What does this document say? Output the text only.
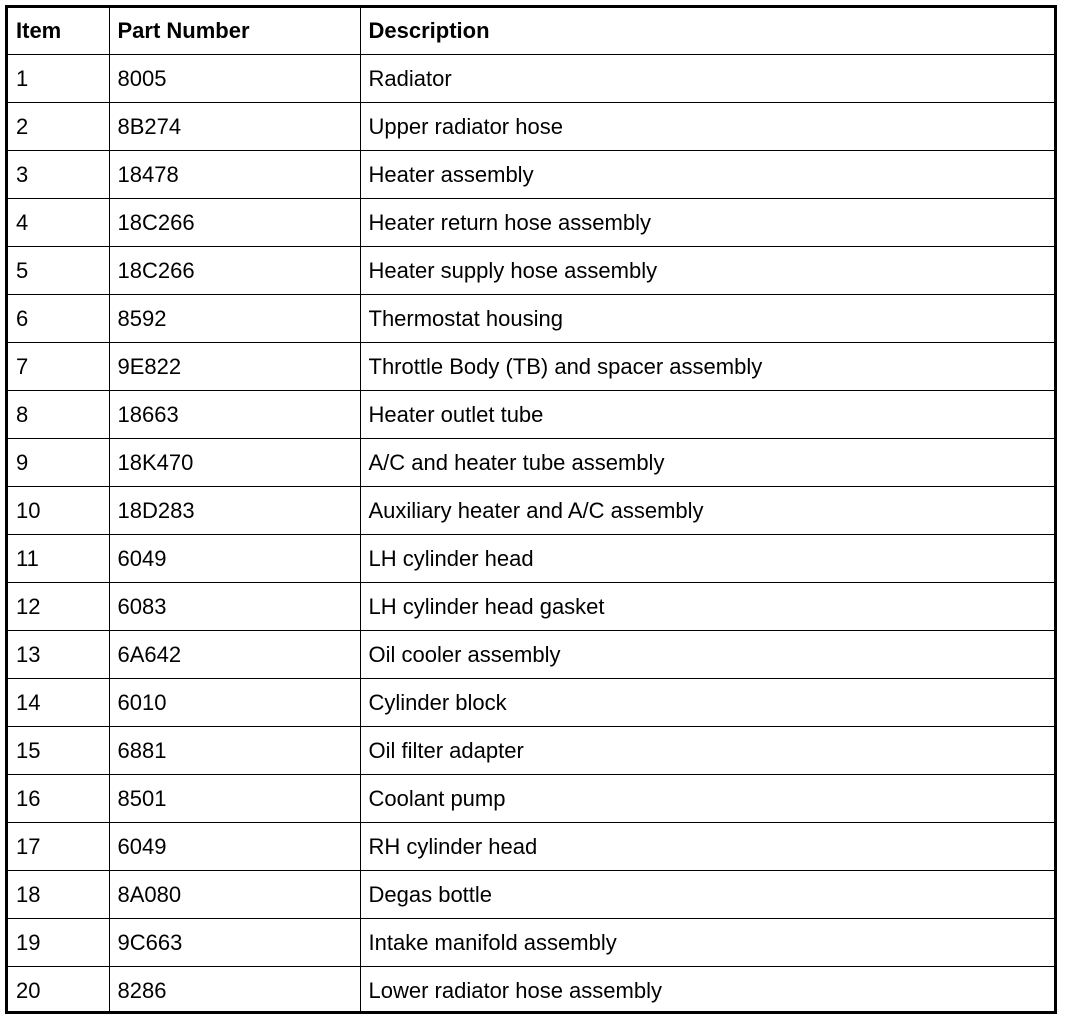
Item	Part Number	Description
1	8005	Radiator
2	8B274	Upper radiator hose
3	18478	Heater assembly
4	18C266	Heater return hose assembly
5	18C266	Heater supply hose assembly
6	8592	Thermostat housing
7	9E822	Throttle Body (TB) and spacer assembly
8	18663	Heater outlet tube
9	18K470	A/C and heater tube assembly
10	18D283	Auxiliary heater and A/C assembly
11	6049	LH cylinder head
12	6083	LH cylinder head gasket
13	6A642	Oil cooler assembly
14	6010	Cylinder block
15	6881	Oil filter adapter
16	8501	Coolant pump
17	6049	RH cylinder head
18	8A080	Degas bottle
19	9C663	Intake manifold assembly
20	8286	Lower radiator hose assembly
